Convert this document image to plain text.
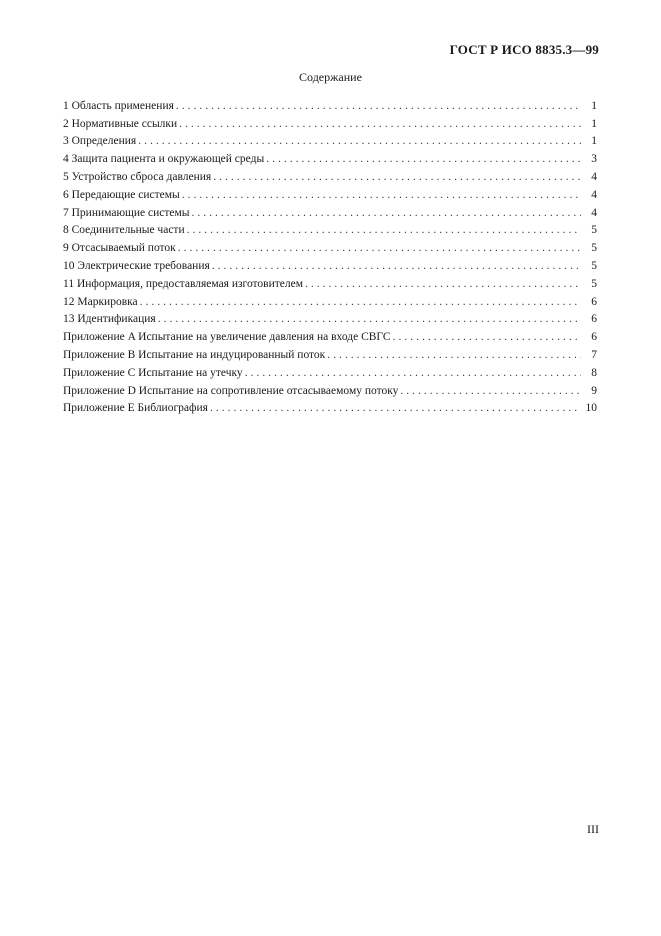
ГОСТ Р ИСО 8835.3—99
Содержание
1 Область применения .....	1
2 Нормативные ссылки .....	1
3 Определения .....	1
4 Защита пациента и окружающей среды .....	3
5 Устройство сброса давления .....	4
6 Передающие системы .....	4
7 Принимающие системы .....	4
8 Соединительные части .....	5
9 Отсасываемый поток .....	5
10 Электрические требования .....	5
11 Информация, предоставляемая изготовителем .....	5
12 Маркировка .....	6
13 Идентификация .....	6
Приложение A Испытание на увеличение давления на входе СВГС .....	6
Приложение B Испытание на индуцированный поток .....	7
Приложение C Испытание на утечку .....	8
Приложение D Испытание на сопротивление отсасываемому потоку .....	9
Приложение E Библиография .....	10
III
